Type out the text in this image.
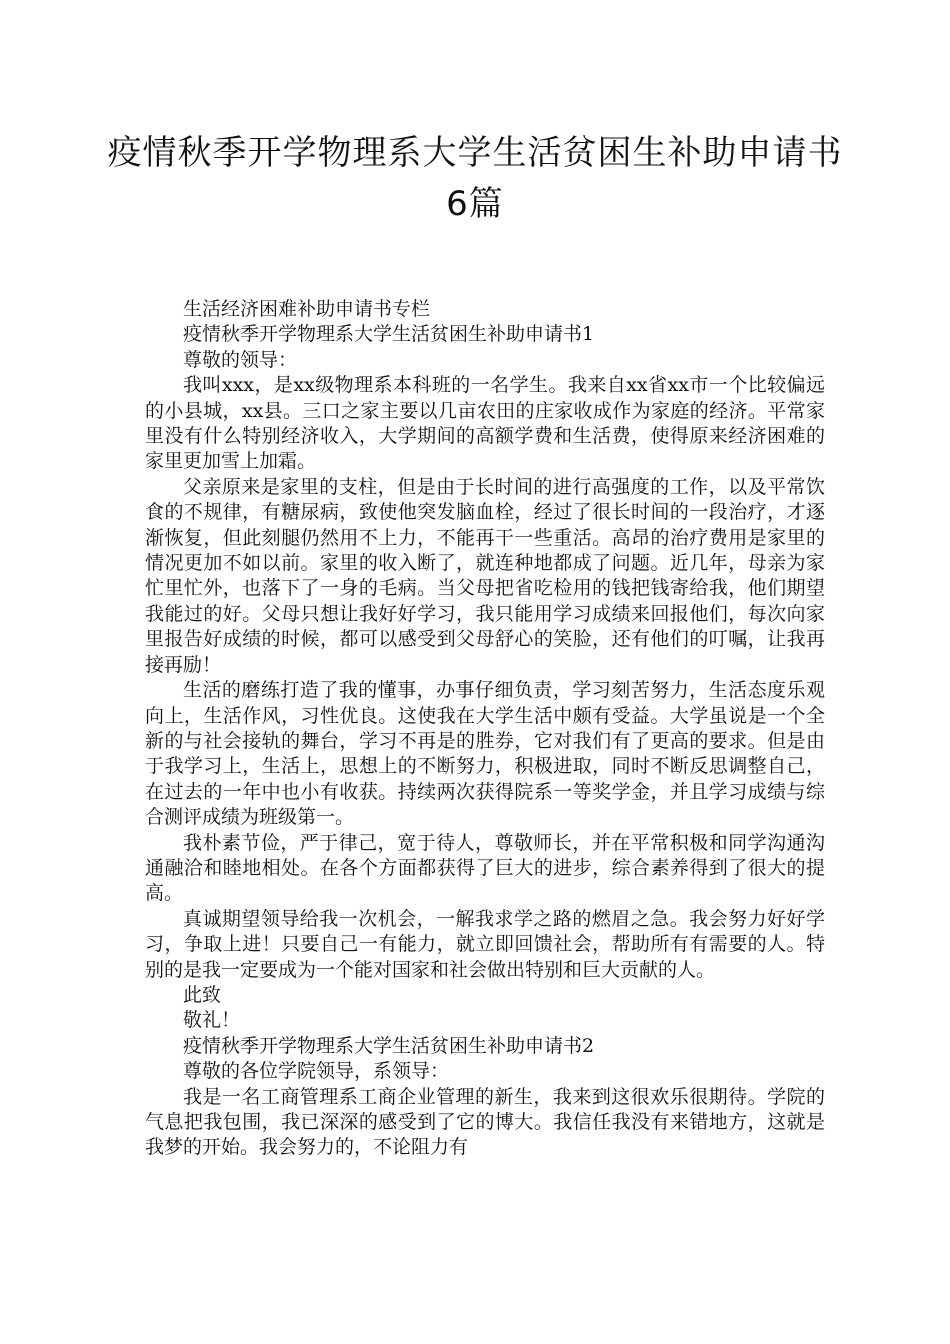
疫情秋季开学物理系大学生活贫困生补助申请书6篇

生活经济困难补助申请书专栏

疫情秋季开学物理系大学生活贫困生补助申请书1

尊敬的领导：

我叫xxx，是xx级物理系本科班的一名学生。我来自xx省xx市一个比较偏远的小县城，xx县。三口之家主要以几亩农田的庄家收成作为家庭的经济。平常家里没有什么特别经济收入，大学期间的高额学费和生活费，使得原来经济困难的家里更加雪上加霜。

父亲原来是家里的支柱，但是由于长时间的进行高强度的工作，以及平常饮食的不规律，有糖尿病，致使他突发脑血栓，经过了很长时间的一段治疗，才逐渐恢复，但此刻腿仍然用不上力，不能再干一些重活。高昂的治疗费用是家里的情况更加不如以前。家里的收入断了，就连种地都成了问题。近几年，母亲为家忙里忙外，也落下了一身的毛病。当父母把省吃检用的钱把钱寄给我，他们期望我能过的好。父母只想让我好好学习，我只能用学习成绩来回报他们，每次向家里报告好成绩的时候，都可以感受到父母舒心的笑脸，还有他们的叮嘱，让我再接再励！

生活的磨练打造了我的懂事，办事仔细负责，学习刻苦努力，生活态度乐观向上，生活作风，习性优良。这使我在大学生活中颇有受益。大学虽说是一个全新的与社会接轨的舞台，学习不再是的胜券，它对我们有了更高的要求。但是由于我学习上，生活上，思想上的不断努力，积极进取，同时不断反思调整自己，在过去的一年中也小有收获。持续两次获得院系一等奖学金，并且学习成绩与综合测评成绩为班级第一。

我朴素节俭，严于律己，宽于待人，尊敬师长，并在平常积极和同学沟通沟通融洽和睦地相处。在各个方面都获得了巨大的进步，综合素养得到了很大的提高。

真诚期望领导给我一次机会，一解我求学之路的燃眉之急。我会努力好好学习，争取上进！只要自己一有能力，就立即回馈社会，帮助所有有需要的人。特别的是我一定要成为一个能对国家和社会做出特别和巨大贡献的人。

此致

敬礼！

疫情秋季开学物理系大学生活贫困生补助申请书2

尊敬的各位学院领导，系领导：

我是一名工商管理系工商企业管理的新生，我来到这很欢乐很期待。学院的气息把我包围，我已深深的感受到了它的博大。我信任我没有来错地方，这就是我梦的开始。我会努力的，不论阻力有
